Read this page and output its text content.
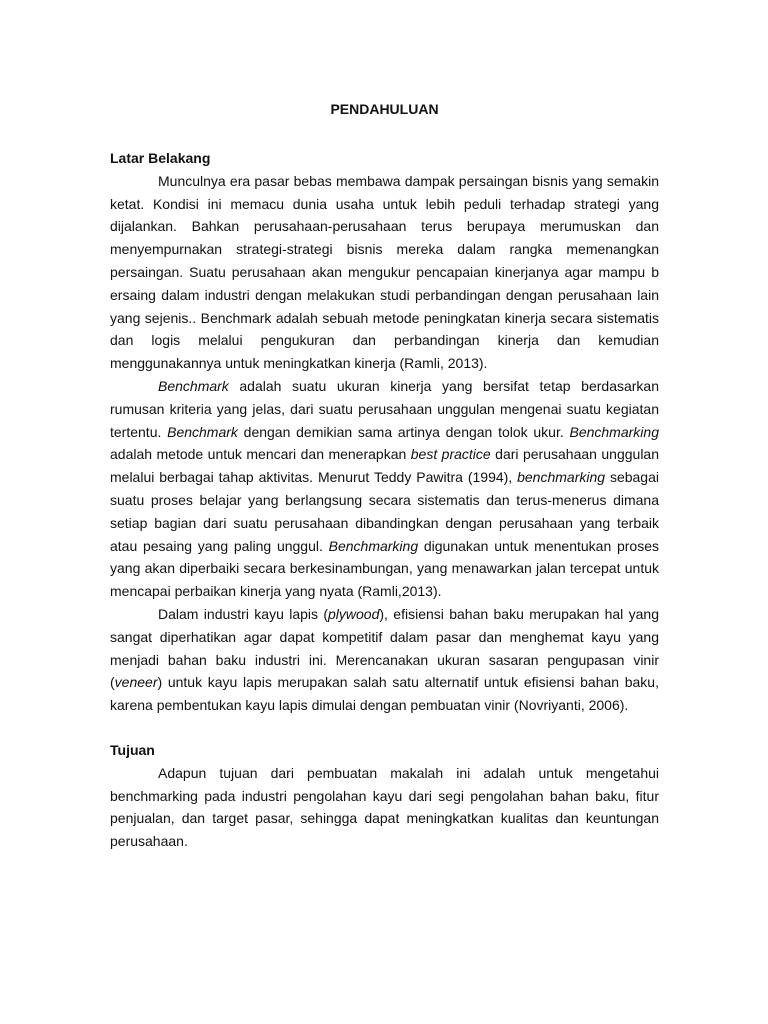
PENDAHULUAN
Latar Belakang

Munculnya era pasar bebas membawa dampak persaingan bisnis yang semakin ketat. Kondisi ini memacu dunia usaha untuk lebih peduli terhadap strategi yang dijalankan. Bahkan perusahaan-perusahaan terus berupaya merumuskan dan menyempurnakan strategi-strategi bisnis mereka dalam rangka memenangkan persaingan. Suatu perusahaan akan mengukur pencapaian kinerjanya agar mampu b ersaing dalam industri dengan melakukan studi perbandingan dengan perusahaan lain yang sejenis.. Benchmark adalah sebuah metode peningkatan kinerja secara sistematis dan logis melalui pengukuran dan perbandingan kinerja dan kemudian menggunakannya untuk meningkatkan kinerja (Ramli, 2013).

Benchmark adalah suatu ukuran kinerja yang bersifat tetap berdasarkan rumusan kriteria yang jelas, dari suatu perusahaan unggulan mengenai suatu kegiatan tertentu. Benchmark dengan demikian sama artinya dengan tolok ukur. Benchmarking adalah metode untuk mencari dan menerapkan best practice dari perusahaan unggulan melalui berbagai tahap aktivitas. Menurut Teddy Pawitra (1994), benchmarking sebagai suatu proses belajar yang berlangsung secara sistematis dan terus-menerus dimana setiap bagian dari suatu perusahaan dibandingkan dengan perusahaan yang terbaik atau pesaing yang paling unggul. Benchmarking digunakan untuk menentukan proses yang akan diperbaiki secara berkesinambungan, yang menawarkan jalan tercepat untuk mencapai perbaikan kinerja yang nyata (Ramli,2013).

Dalam industri kayu lapis (plywood), efisiensi bahan baku merupakan hal yang sangat diperhatikan agar dapat kompetitif dalam pasar dan menghemat kayu yang menjadi bahan baku industri ini. Merencanakan ukuran sasaran pengupasan vinir (veneer) untuk kayu lapis merupakan salah satu alternatif untuk efisiensi bahan baku, karena pembentukan kayu lapis dimulai dengan pembuatan vinir (Novriyanti, 2006).

Tujuan

Adapun tujuan dari pembuatan makalah ini adalah untuk mengetahui benchmarking pada industri pengolahan kayu dari segi pengolahan bahan baku, fitur penjualan, dan target pasar, sehingga dapat meningkatkan kualitas dan keuntungan perusahaan.
